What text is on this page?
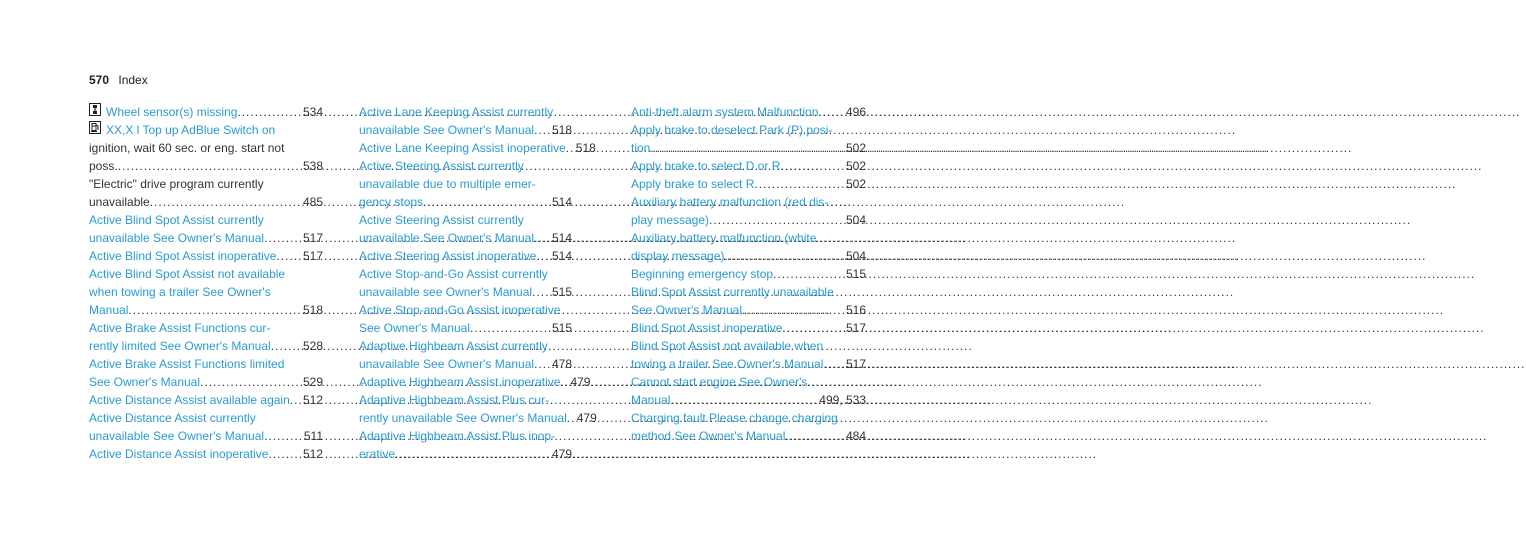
570 Index
Wheel sensor(s) missing .....	534
XX,X l Top up AdBlue Switch on
ignition, wait 60 sec. or eng. start not
poss. .....	538
"Electric" drive program currently
unavailable .....	485
Active Blind Spot Assist currently
unavailable See Owner's Manual .....	517
Active Blind Spot Assist inoperative .....	517
Active Blind Spot Assist not available
when towing a trailer See Owner's
Manual .....	518
Active Brake Assist Functions cur-
rently limited See Owner's Manual .....	528
Active Brake Assist Functions limited
See Owner's Manual .....	529
Active Distance Assist available again .....	512
Active Distance Assist currently
unavailable See Owner's Manual .....	511
Active Distance Assist inoperative .....	512
Active Lane Keeping Assist currently
unavailable See Owner's Manual .....	518
Active Lane Keeping Assist inoperative ..... 518
Active Steering Assist currently
unavailable due to multiple emer-
gency stops .....	514
Active Steering Assist currently
unavailable See Owner's Manual .....	514
Active Steering Assist inoperative .....	514
Active Stop-and-Go Assist currently
unavailable see Owner's Manual .....	515
Active Stop-and-Go Assist inoperative
See Owner's Manual .....	515
Adaptive Highbeam Assist currently
unavailable See Owner's Manual .....	478
Adaptive Highbeam Assist inoperative ..... 479
Adaptive Highbeam Assist Plus cur-
rently unavailable See Owner's Manual ..... 479
Adaptive Highbeam Assist Plus inop-
erative .....	479
Anti-theft alarm system Malfunction .....	496
Apply brake to deselect Park (P) posi-
tion .....	502
Apply brake to select D or R .....	502
Apply brake to select R .....	502
Auxiliary battery malfunction (red dis-
play message) .....	504
Auxiliary battery malfunction (white
display message) .....	504
Beginning emergency stop .....	515
Blind Spot Assist currently unavailable
See Owner's Manual .....	516
Blind Spot Assist inoperative .....	517
Blind Spot Assist not available when
towing a trailer See Owner's Manual .....	517
Cannot start engine See Owner's
Manual .....	499, 533
Charging fault Please change charging
method See Owner's Manual .....	484
